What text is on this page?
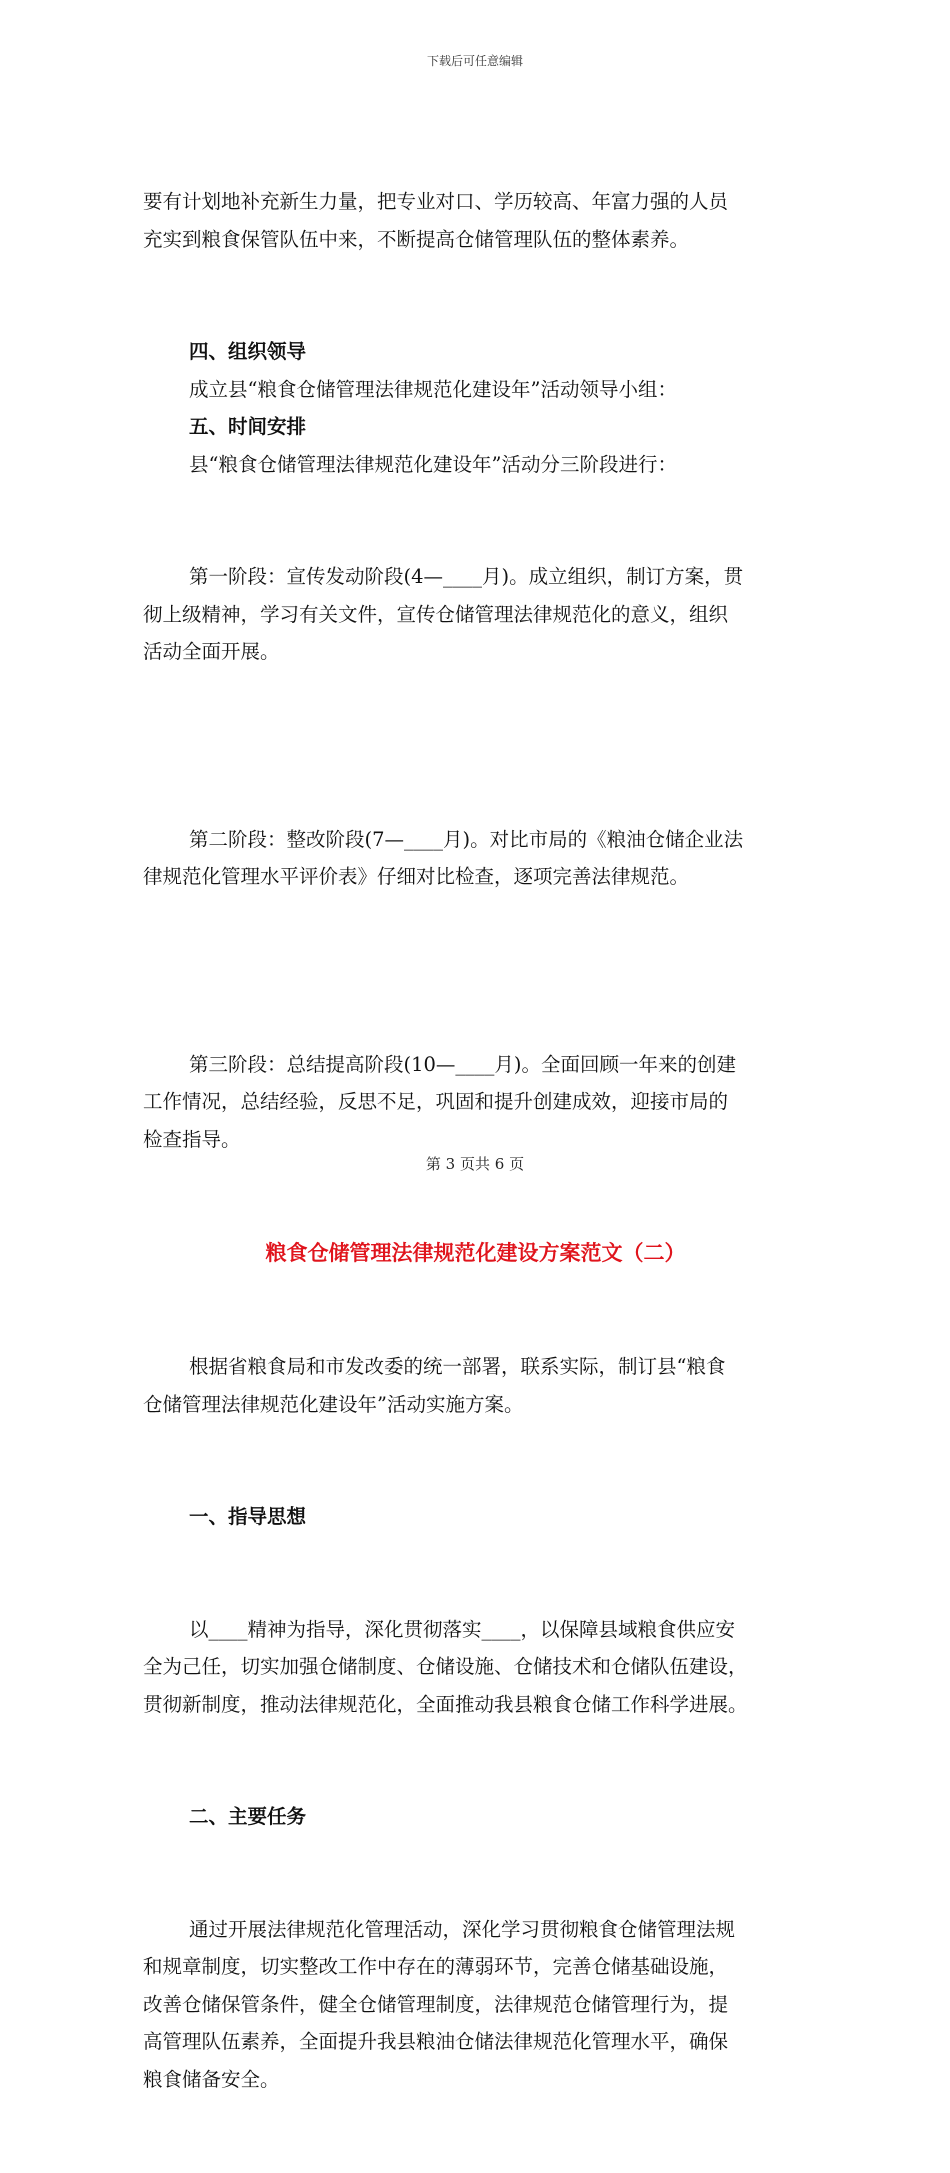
下载后可任意编辑

要有计划地补充新生力量，把专业对口、学历较高、年富力强的人员
充实到粮食保管队伍中来，不断提高仓储管理队伍的整体素养。

四、组织领导

成立县“粮食仓储管理法律规范化建设年”活动领导小组：

五、时间安排

县“粮食仓储管理法律规范化建设年”活动分三阶段进行：

第一阶段：宣传发动阶段(4—____月)。成立组织，制订方案，贯
彻上级精神，学习有关文件，宣传仓储管理法律规范化的意义，组织
活动全面开展。

第二阶段：整改阶段(7—____月)。对比市局的《粮油仓储企业法
律规范化管理水平评价表》仔细对比检查，逐项完善法律规范。

第三阶段：总结提高阶段(10—____月)。全面回顾一年来的创建
工作情况，总结经验，反思不足，巩固和提升创建成效，迎接市局的
检查指导。

粮食仓储管理法律规范化建设方案范文（二）

根据省粮食局和市发改委的统一部署，联系实际，制订县“粮食
仓储管理法律规范化建设年”活动实施方案。

一、指导思想

以____精神为指导，深化贯彻落实____，以保障县域粮食供应安
全为己任，切实加强仓储制度、仓储设施、仓储技术和仓储队伍建设，
贯彻新制度，推动法律规范化，全面推动我县粮食仓储工作科学进展。

二、主要任务

通过开展法律规范化管理活动，深化学习贯彻粮食仓储管理法规
和规章制度，切实整改工作中存在的薄弱环节，完善仓储基础设施，
改善仓储保管条件，健全仓储管理制度，法律规范仓储管理行为，提
高管理队伍素养，全面提升我县粮油仓储法律规范化管理水平，确保
粮食储备安全。

第 3 页共 6 页
